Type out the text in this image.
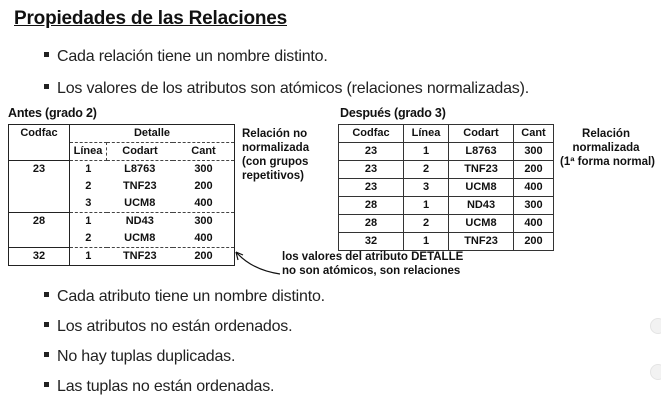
Propiedades de las Relaciones
Cada relación tiene un nombre distinto.
Los valores de los atributos son atómicos (relaciones normalizadas).
Antes (grado 2)	Después (grado 3)
Codfac	Detalle		
	Línea	Codart	Cant
23	1	L8763	300
	2	TNF23	200
	3	UCM8	400
28	1	ND43	300
	2	UCM8	400
32	1	TNF23	200
Relación no
normalizada
(con grupos
repetitivos)
Codfac	Línea	Codart	Cant
23	1	L8763	300
23	2	TNF23	200
23	3	UCM8	400
28	1	ND43	300
28	2	UCM8	400
32	1	TNF23	200
Relación
normalizada
(1ª forma normal)
los valores del atributo DETALLE
no son atómicos, son relaciones
Cada atributo tiene un nombre distinto.
Los atributos no están ordenados.
No hay tuplas duplicadas.
Las tuplas no están ordenadas.
